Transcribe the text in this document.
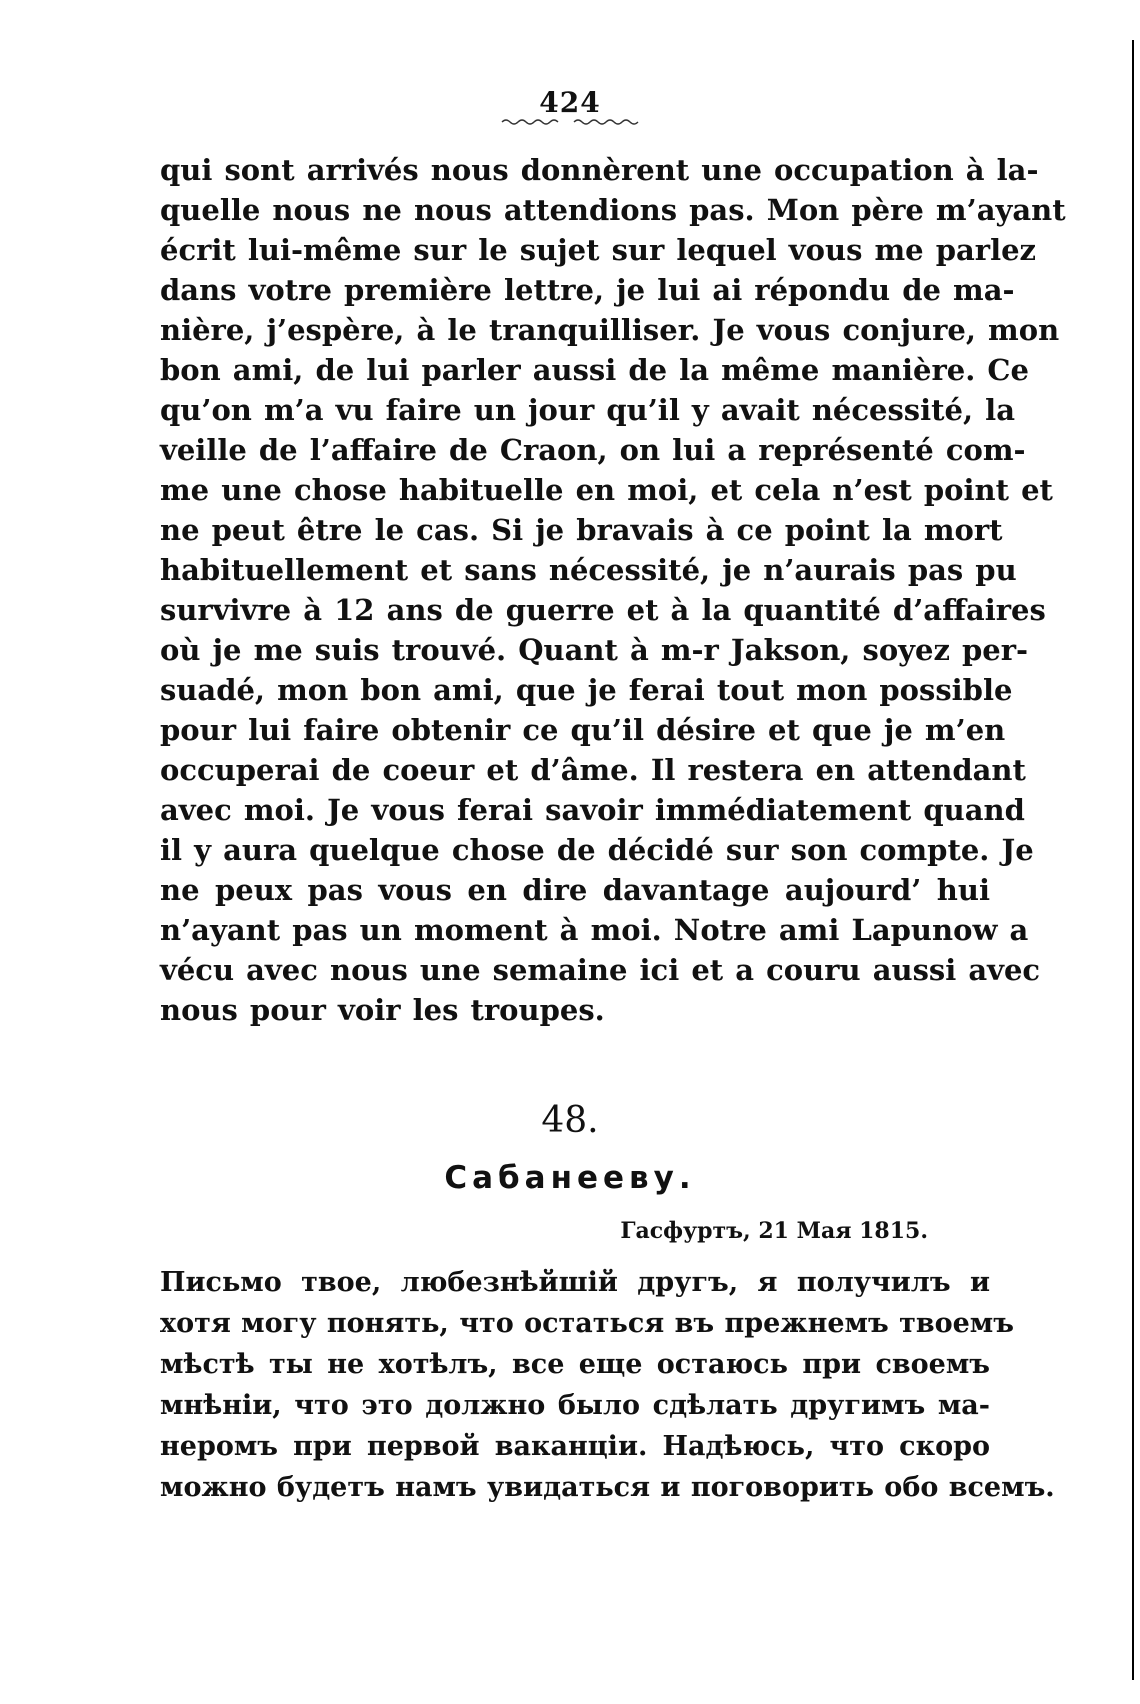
424
qui sont arrivés nous donnèrent une occupation à la-
quelle nous ne nous attendions pas. Mon père m’ayant
écrit lui-même sur le sujet sur lequel vous me parlez
dans votre première lettre, je lui ai répondu de ma-
nière, j’espère, à le tranquilliser. Je vous conjure, mon
bon ami, de lui parler aussi de la même manière. Ce
qu’on m’a vu faire un jour qu’il y avait nécessité, la
veille de l’affaire de Craon, on lui a représenté com-
me une chose habituelle en moi, et cela n’est point et
ne peut être le cas. Si je bravais à ce point la mort
habituellement et sans nécessité, je n’aurais pas pu
survivre à 12 ans de guerre et à la quantité d’affaires
où je me suis trouvé. Quant à m-r Jakson, soyez per-
suadé, mon bon ami, que je ferai tout mon possible
pour lui faire obtenir ce qu’il désire et que je m’en
occuperai de coeur et d’âme. Il restera en attendant
avec moi. Je vous ferai savoir immédiatement quand
il y aura quelque chose de décidé sur son compte. Je
ne peux pas vous en dire davantage aujourd’ hui
n’ayant pas un moment à moi. Notre ami Lapunow a
vécu avec nous une semaine ici et a couru aussi avec
nous pour voir les troupes.
48.
Сабанееву.
Гасфуртъ, 21 Мая 1815.
Письмо твое, любезнѣйшій другъ, я получилъ и
хотя могу понять, что остаться въ прежнемъ твоемъ
мѣстѣ ты не хотѣлъ, все еще остаюсь при своемъ
мнѣніи, что это должно было сдѣлать другимъ ма-
неромъ при первой ваканціи. Надѣюсь, что скоро
можно будетъ намъ увидаться и поговорить обо всемъ.
